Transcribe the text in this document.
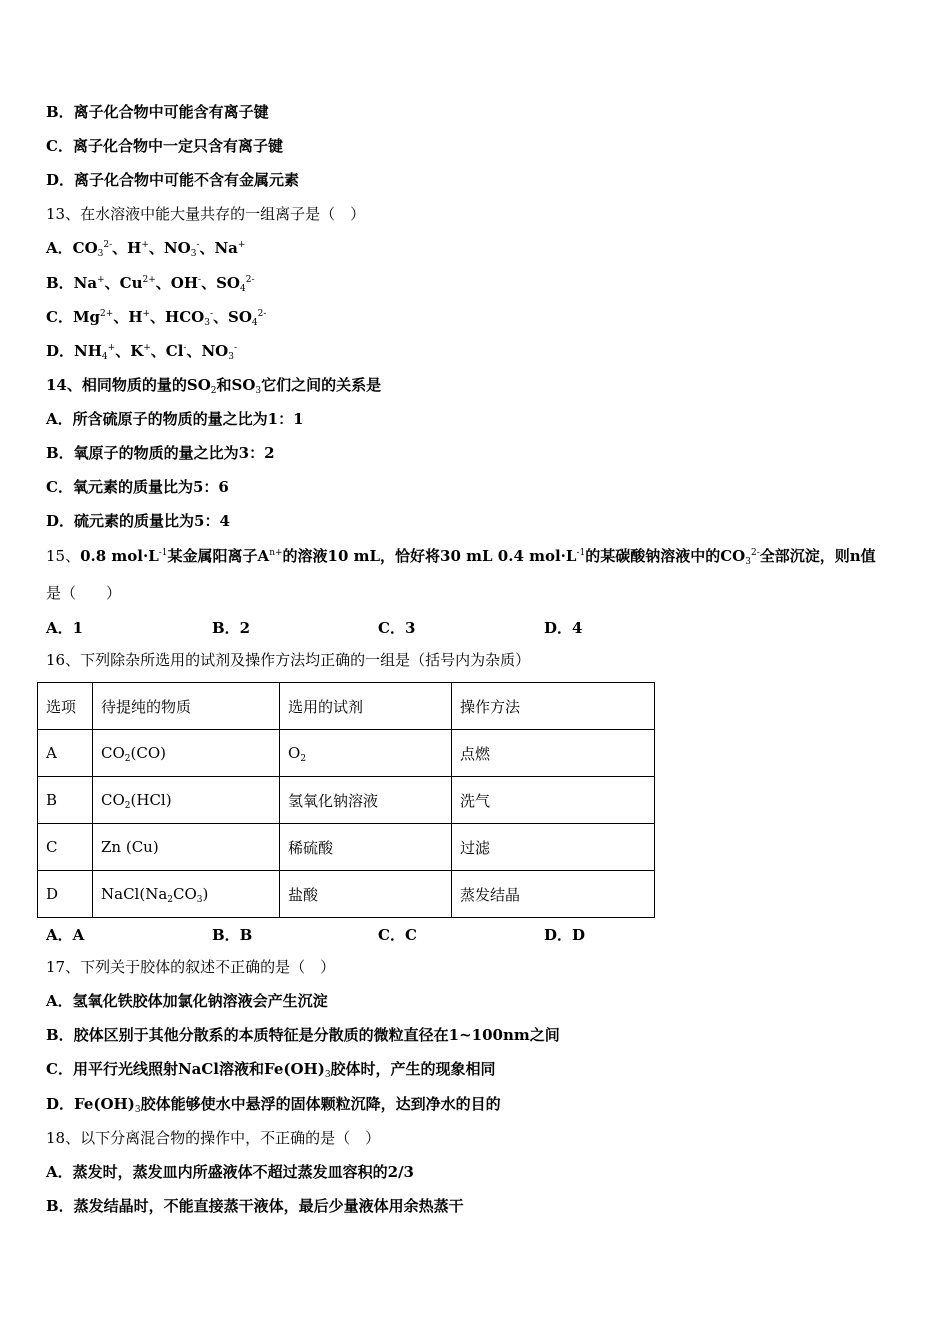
B．离子化合物中可能含有离子键
C．离子化合物中一定只含有离子键
D．离子化合物中可能不含有金属元素
13、在水溶液中能大量共存的一组离子是（　）
A．$CO_3^{2-}$、H+、$NO_3^-$、Na+
B．Na+、$Cu^{2+}$、OH-、$SO_4^{2-}$
C．$Mg^{2+}$、H+、$HCO_3^-$、$SO_4^{2-}$
D．$NH_4^+$、K+、Cl-、$NO_3^-$
14、相同物质的量的$SO_2$和$SO_3$它们之间的关系是
A．所含硫原子的物质的量之比为1：1
B．氧原子的物质的量之比为3：2
C．氧元素的质量比为5：6
D．硫元素的质量比为5：4
15、0.8 $mol\cdot L^{-1}$某金属阳离子$A^{n+}$的溶液10 mL，恰好将30 mL 0.4 $mol\cdot L^{-1}$的某碳酸钠溶液中的$CO_3^{2-}$全部沉淀，则n值
是（　　）
16、下列除杂所选用的试剂及操作方法均正确的一组是（括号内为杂质）
17、下列关于胶体的叙述不正确的是（　）
A．氢氧化铁胶体加氯化钠溶液会产生沉淀
B．胶体区别于其他分散系的本质特征是分散质的微粒直径在1~100nm之间
C．用平行光线照射NaCl溶液和$Fe(OH)_3$胶体时，产生的现象相同
D．$Fe(OH)_3$胶体能够使水中悬浮的固体颗粒沉降，达到净水的目的
18、以下分离混合物的操作中，不正确的是（　）
A．蒸发时，蒸发皿内所盛液体不超过蒸发皿容积的2/3
B．蒸发结晶时，不能直接蒸干液体，最后少量液体用余热蒸干
A．1	B．2	C．3	D．4
选项	待提纯的物质	选用的试剂	操作方法
A	$CO_2(CO)$	$O_2$	点燃
B	$CO_2(HCl)$	氢氧化钠溶液	洗气
C	Zn (Cu)	稀硫酸	过滤
D	$NaCl(Na_2CO_3)$	盐酸	蒸发结晶
A．A	B．B	C．C	D．D
